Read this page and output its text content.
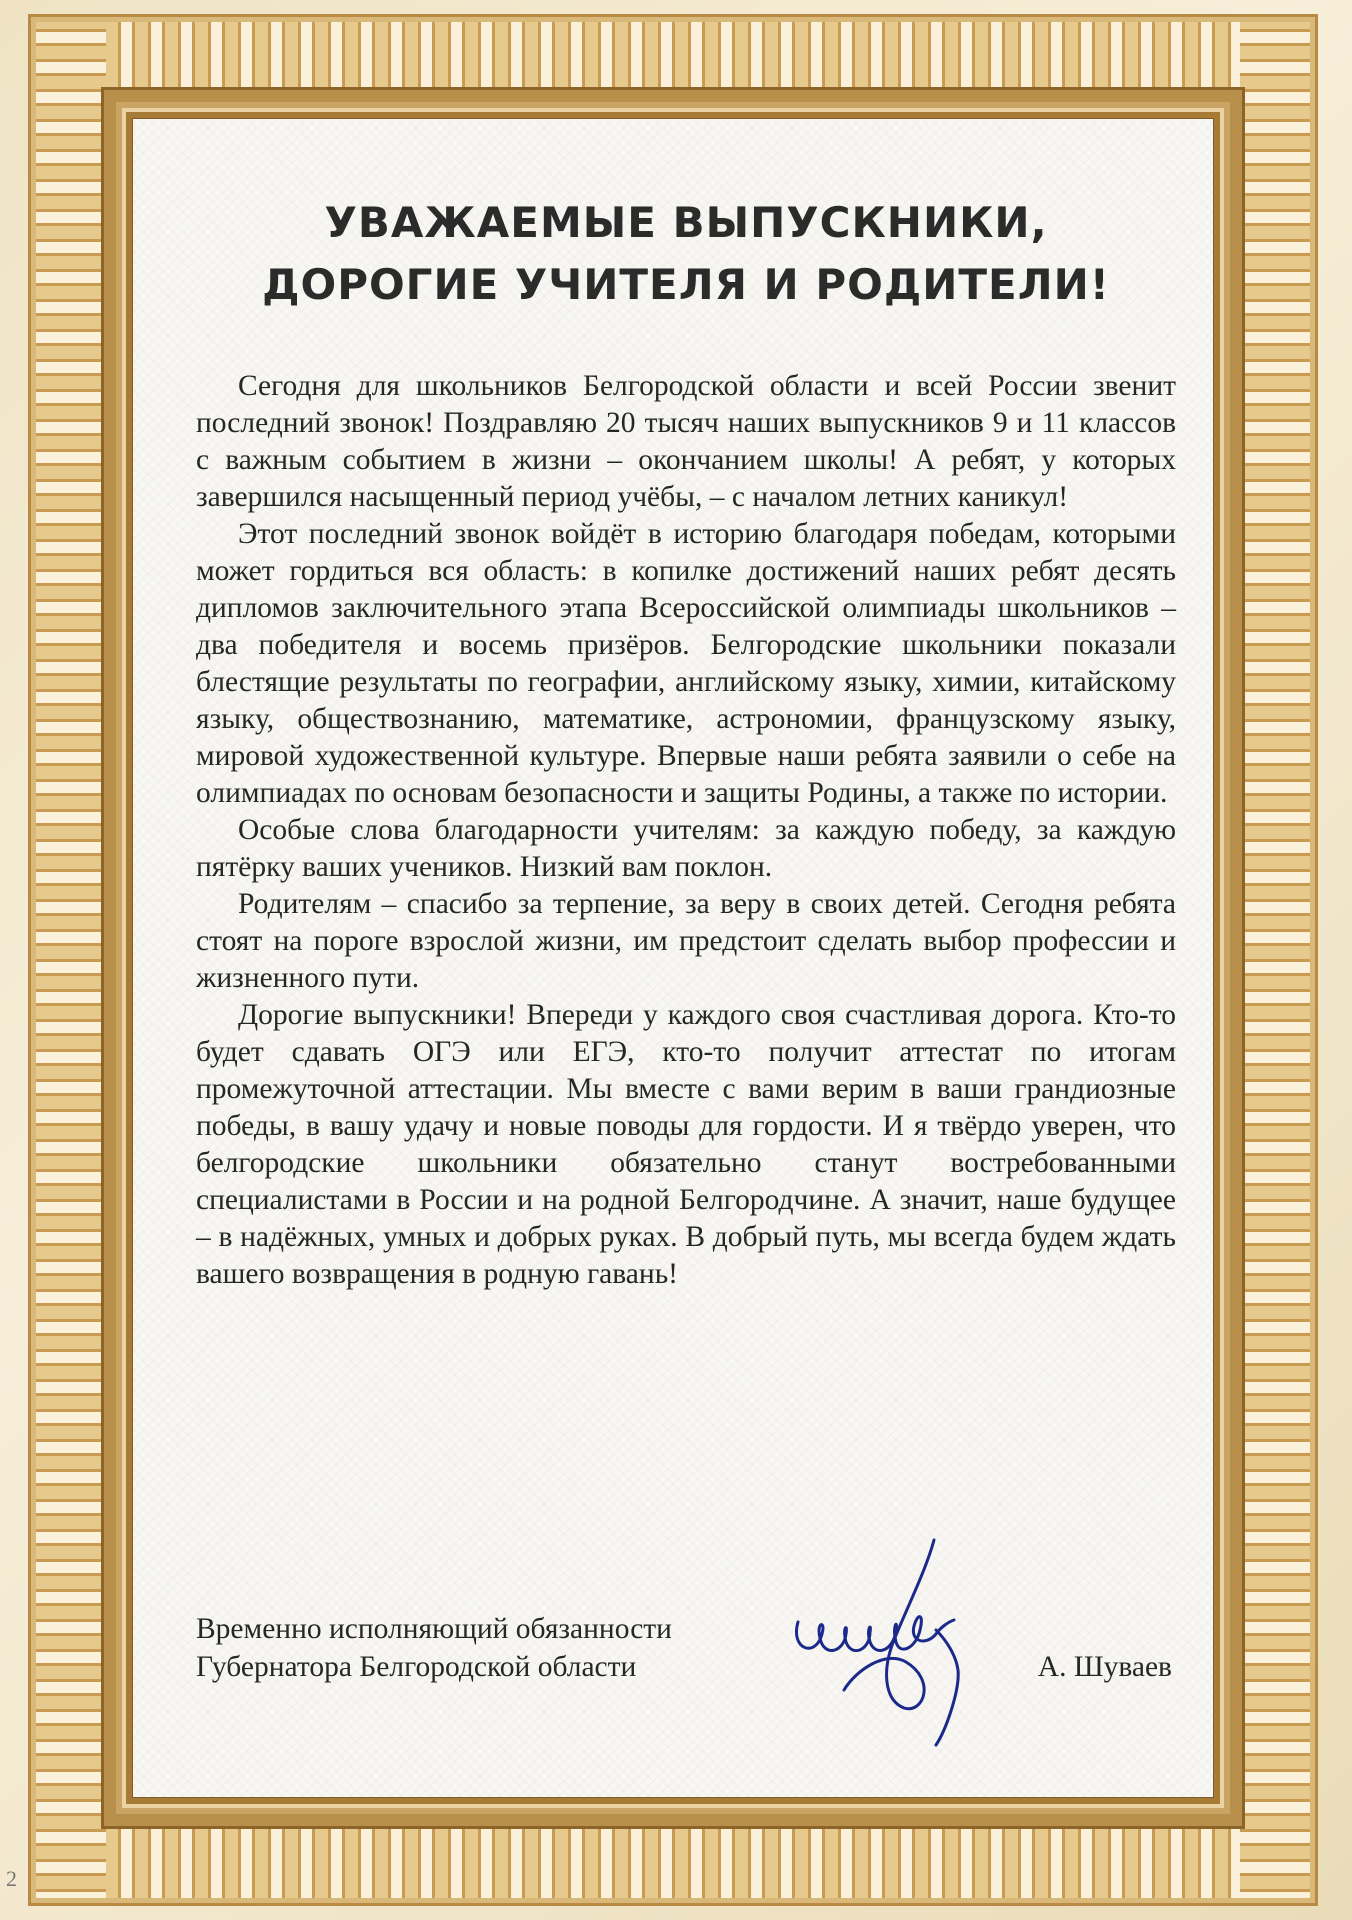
УВАЖАЕМЫЕ ВЫПУСКНИКИ,
ДОРОГИЕ УЧИТЕЛЯ И РОДИТЕЛИ!

Сегодня для школьников Белгородской области и всей России звенит последний звонок! Поздравляю 20 тысяч наших выпускников 9 и 11 классов с важным событием в жизни – окончанием школы! А ребят, у которых завершился насыщенный период учёбы, – с началом летних каникул!

Этот последний звонок войдёт в историю благодаря победам, которыми может гордиться вся область: в копилке достижений наших ребят десять дипломов заключительного этапа Всероссийской олимпиады школьников – два победителя и восемь призёров. Белгородские школьники показали блестящие результаты по географии, английскому языку, химии, китайскому языку, обществознанию, математике, астрономии, французскому языку, мировой художественной культуре. Впервые наши ребята заявили о себе на олимпиадах по основам безопасности и защиты Родины, а также по истории.

Особые слова благодарности учителям: за каждую победу, за каждую пятёрку ваших учеников. Низкий вам поклон.

Родителям – спасибо за терпение, за веру в своих детей. Сегодня ребята стоят на пороге взрослой жизни, им предстоит сделать выбор профессии и жизненного пути.

Дорогие выпускники! Впереди у каждого своя счастливая дорога. Кто-то будет сдавать ОГЭ или ЕГЭ, кто-то получит аттестат по итогам промежуточной аттестации. Мы вместе с вами верим в ваши грандиозные победы, в вашу удачу и новые поводы для гордости. И я твёрдо уверен, что белгородские школьники обязательно станут востребованными специалистами в России и на родной Белгородчине. А значит, наше будущее – в надёжных, умных и добрых руках. В добрый путь, мы всегда будем ждать вашего возвращения в родную гавань!

Временно исполняющий обязанности
Губернатора Белгородской области	А. Шуваев
2
